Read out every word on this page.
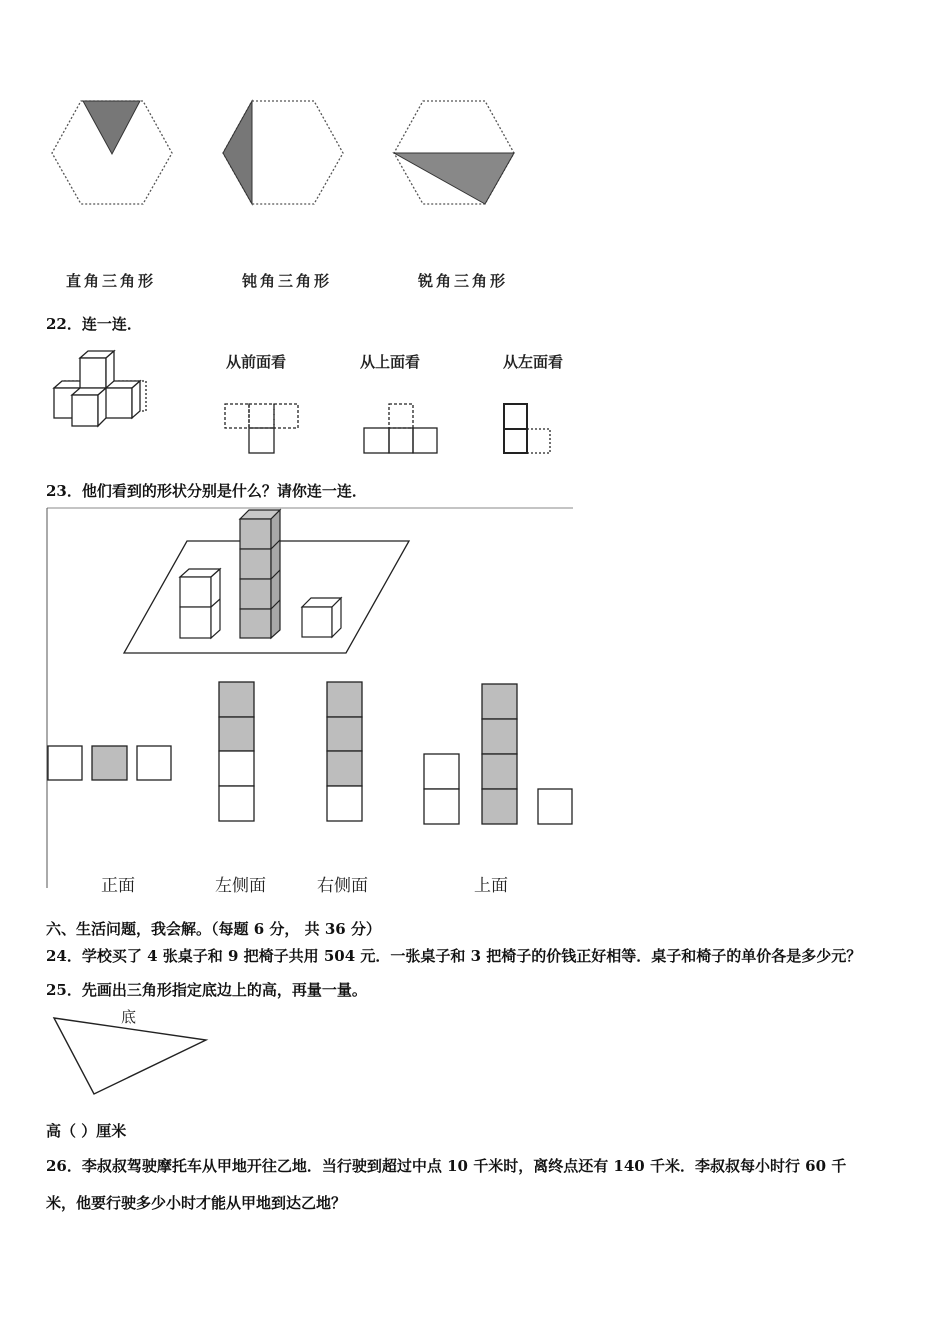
直角三角形	钝角三角形	锐角三角形
22．连一连．
从前面看	从上面看	从左面看
23．他们看到的形状分别是什么？请你连一连．
正面	左侧面	右侧面	上面
六、生活问题，我会解。（每题 6 分， 共 36 分）
24．学校买了 4 张桌子和 9 把椅子共用 504 元．一张桌子和 3 把椅子的价钱正好相等．桌子和椅子的单价各是多少元？
25．先画出三角形指定底边上的高，再量一量。
底
高（ ）厘米
26．李叔叔驾驶摩托车从甲地开往乙地．当行驶到超过中点 10 千米时，离终点还有 140 千米．李叔叔每小时行 60 千
米，他要行驶多少小时才能从甲地到达乙地？
